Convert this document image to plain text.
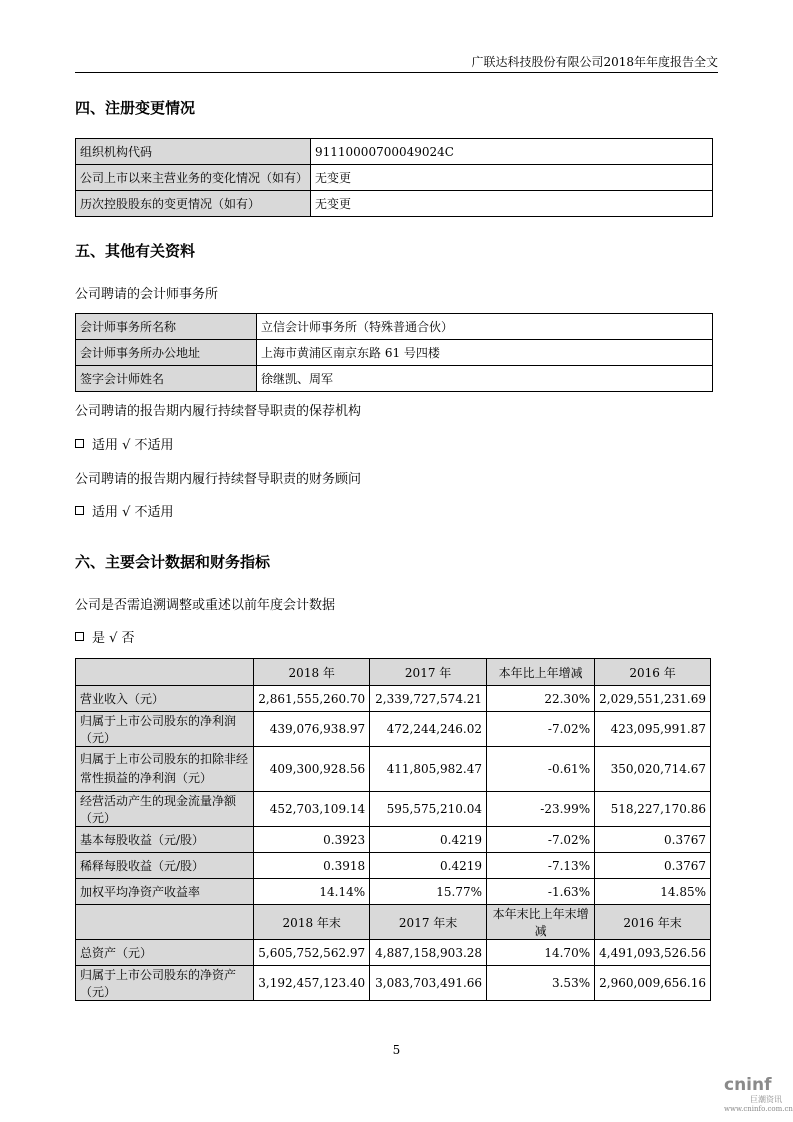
广联达科技股份有限公司2018年年度报告全文
四、注册变更情况
组织机构代码	91110000700049024C
公司上市以来主营业务的变化情况（如有）	无变更
历次控股股东的变更情况（如有）	无变更
五、其他有关资料

公司聘请的会计师事务所

会计师事务所名称	立信会计师事务所（特殊普通合伙）
会计师事务所办公地址	上海市黄浦区南京东路 61 号四楼
签字会计师姓名	徐继凯、周军

公司聘请的报告期内履行持续督导职责的保荐机构

适用 √ 不适用

公司聘请的报告期内履行持续督导职责的财务顾问

适用 √ 不适用

六、主要会计数据和财务指标

公司是否需追溯调整或重述以前年度会计数据

是 √ 否

	2018 年	2017 年	本年比上年增减	2016 年
营业收入（元）	2,861,555,260.70	2,339,727,574.21	22.30%	2,029,551,231.69
归属于上市公司股东的净利润（元）	439,076,938.97	472,244,246.02	-7.02%	423,095,991.87
归属于上市公司股东的扣除非经常性损益的净利润（元）	409,300,928.56	411,805,982.47	-0.61%	350,020,714.67
经营活动产生的现金流量净额（元）	452,703,109.14	595,575,210.04	-23.99%	518,227,170.86
基本每股收益（元/股）	0.3923	0.4219	-7.02%	0.3767
稀释每股收益（元/股）	0.3918	0.4219	-7.13%	0.3767
加权平均净资产收益率	14.14%	15.77%	-1.63%	14.85%
	2018 年末	2017 年末	本年末比上年末增减	2016 年末
总资产（元）	5,605,752,562.97	4,887,158,903.28	14.70%	4,491,093,526.56
归属于上市公司股东的净资产（元）	3,192,457,123.40	3,083,703,491.66	3.53%	2,960,009,656.16
5
cninf
巨潮资讯
www.cninfo.com.cn
